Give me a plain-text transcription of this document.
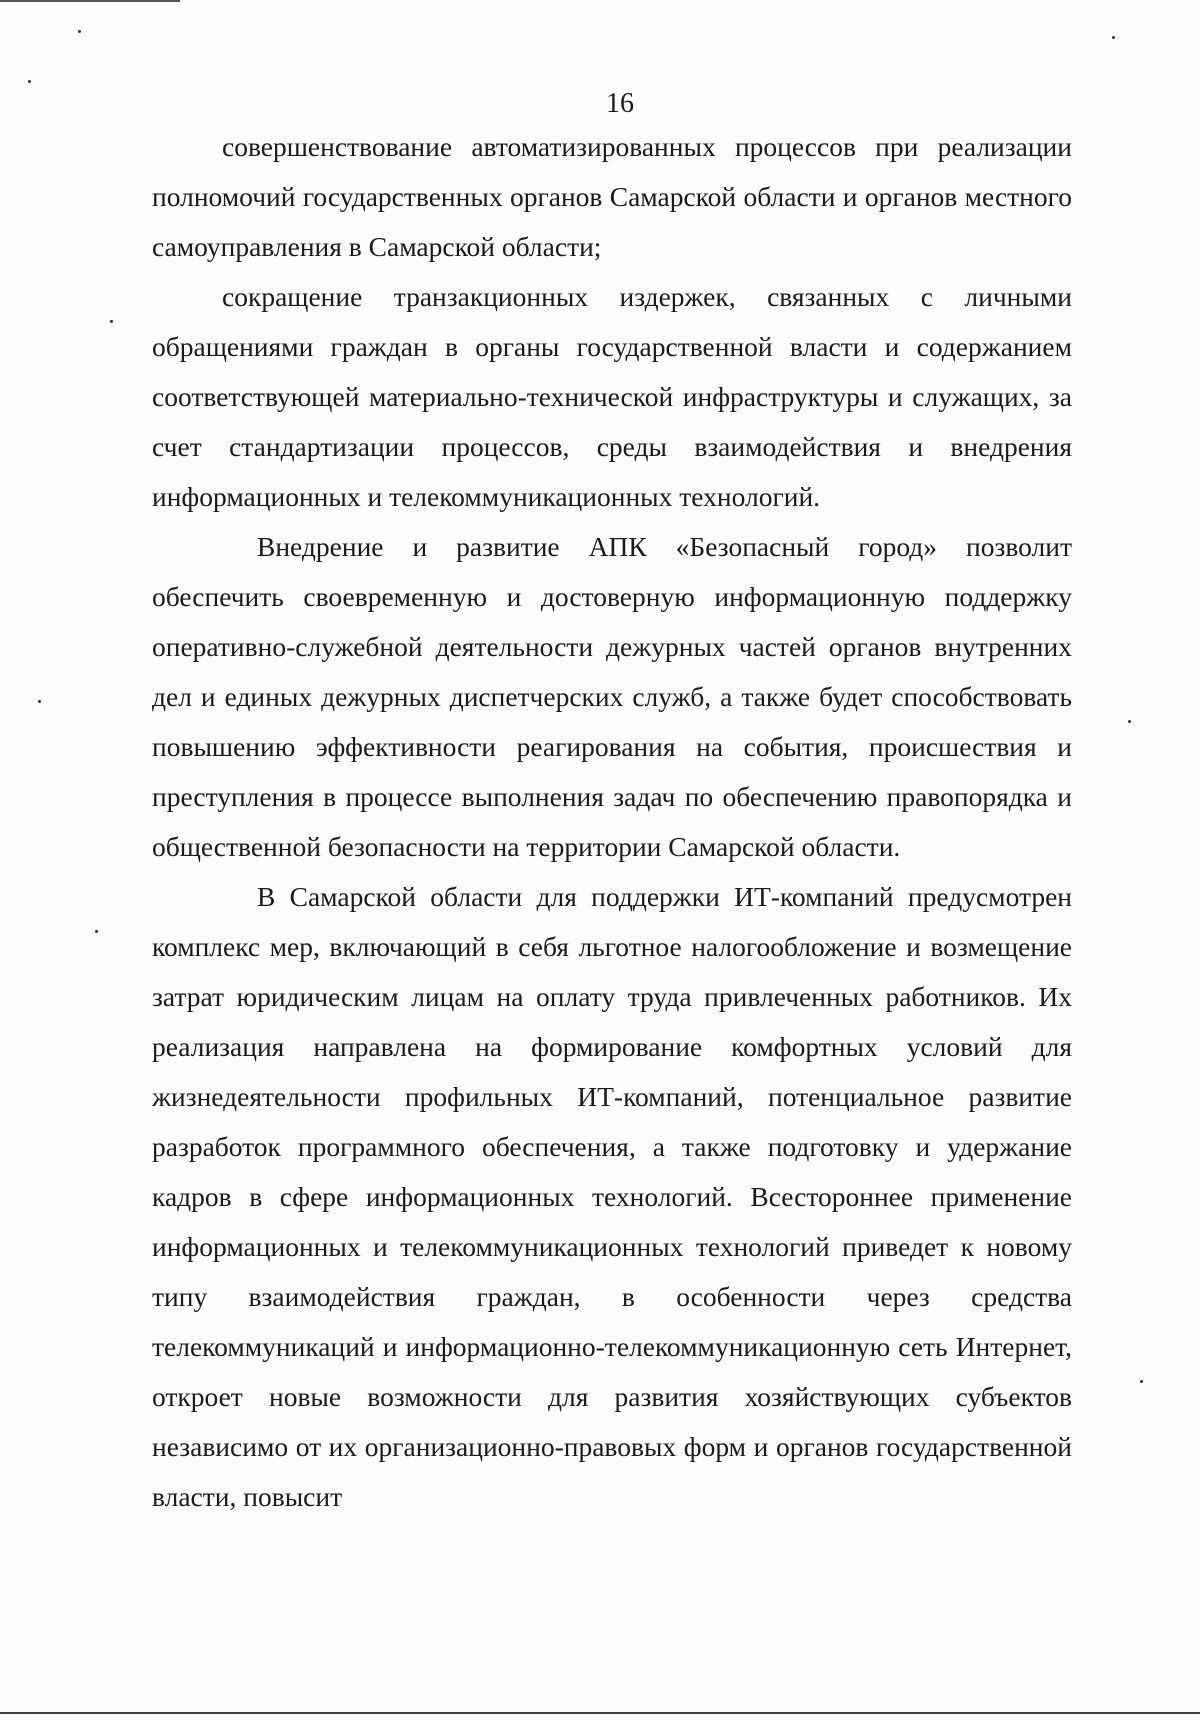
16

совершенствование автоматизированных процессов при реализации полномочий государственных органов Самарской области и органов местного самоуправления в Самарской области;

сокращение транзакционных издержек, связанных с личными обращениями граждан в органы государственной власти и содержанием соответствующей материально-технической инфраструктуры и служащих, за счет стандартизации процессов, среды взаимодействия и внедрения информационных и телекоммуникационных технологий.

Внедрение и развитие АПК «Безопасный город» позволит обеспечить своевременную и достоверную информационную поддержку оперативно-служебной деятельности дежурных частей органов внутренних дел и единых дежурных диспетчерских служб, а также будет способствовать повышению эффективности реагирования на события, происшествия и преступления в процессе выполнения задач по обеспечению правопорядка и общественной безопасности на территории Самарской области.

В Самарской области для поддержки ИТ-компаний предусмотрен комплекс мер, включающий в себя льготное налогообложение и возмещение затрат юридическим лицам на оплату труда привлеченных работников. Их реализация направлена на формирование комфортных условий для жизнедеятельности профильных ИТ-компаний, потенциальное развитие разработок программного обеспечения, а также подготовку и удержание кадров в сфере информационных технологий. Всестороннее применение информационных и телекоммуникационных технологий приведет к новому типу взаимодействия граждан, в особенности через средства телекоммуникаций и информационно-телекоммуникационную сеть Интернет, откроет новые возможности для развития хозяйствующих субъектов независимо от их организационно-правовых форм и органов государственной власти, повысит
